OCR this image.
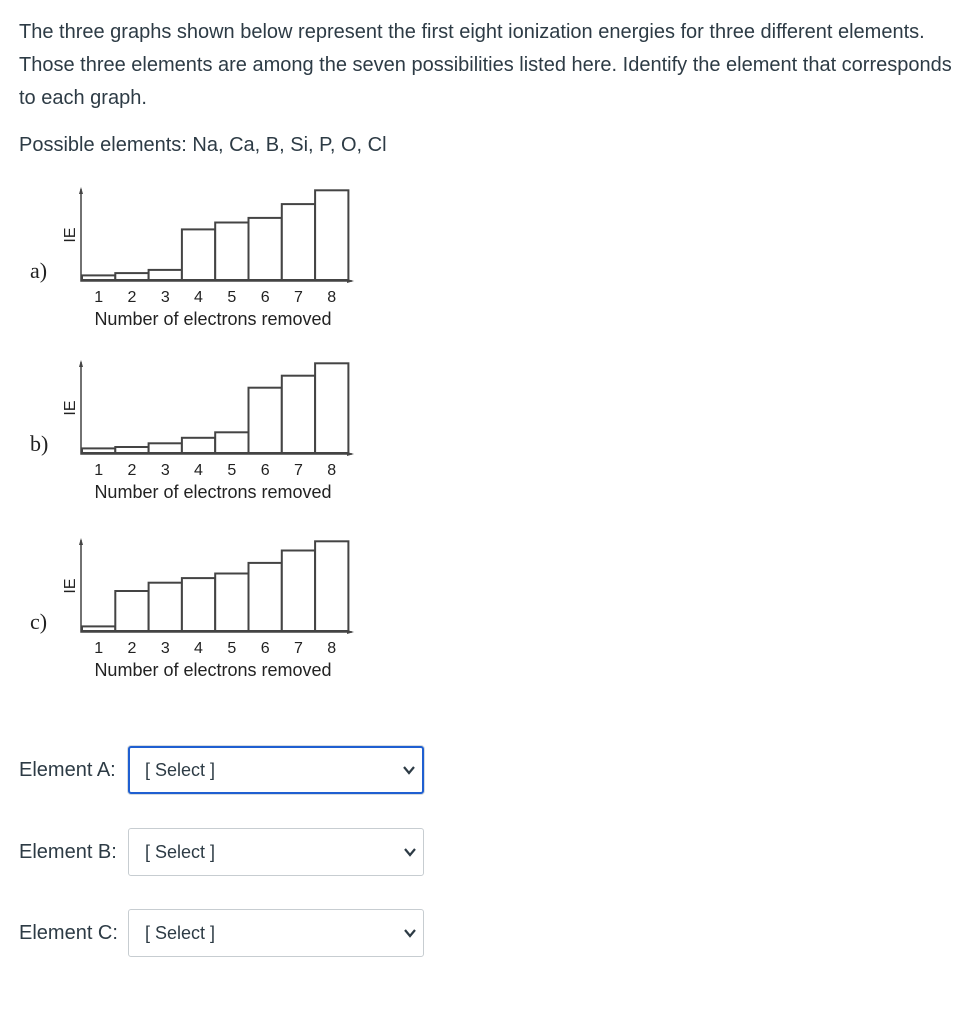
The three graphs shown below represent the first eight ionization energies for three different elements. Those three elements are among the seven possibilities listed here. Identify the element that corresponds to each graph.

Possible elements: Na, Ca, B, Si, P, O, Cl

a)
IE
1 2 3 4 5 6 7 8
Number of electrons removed
b)
IE
1 2 3 4 5 6 7 8
Number of electrons removed
c)
IE
1 2 3 4 5 6 7 8
Number of electrons removed
Element A:	[ Select ]
Element B:	[ Select ]
Element C:	[ Select ]
